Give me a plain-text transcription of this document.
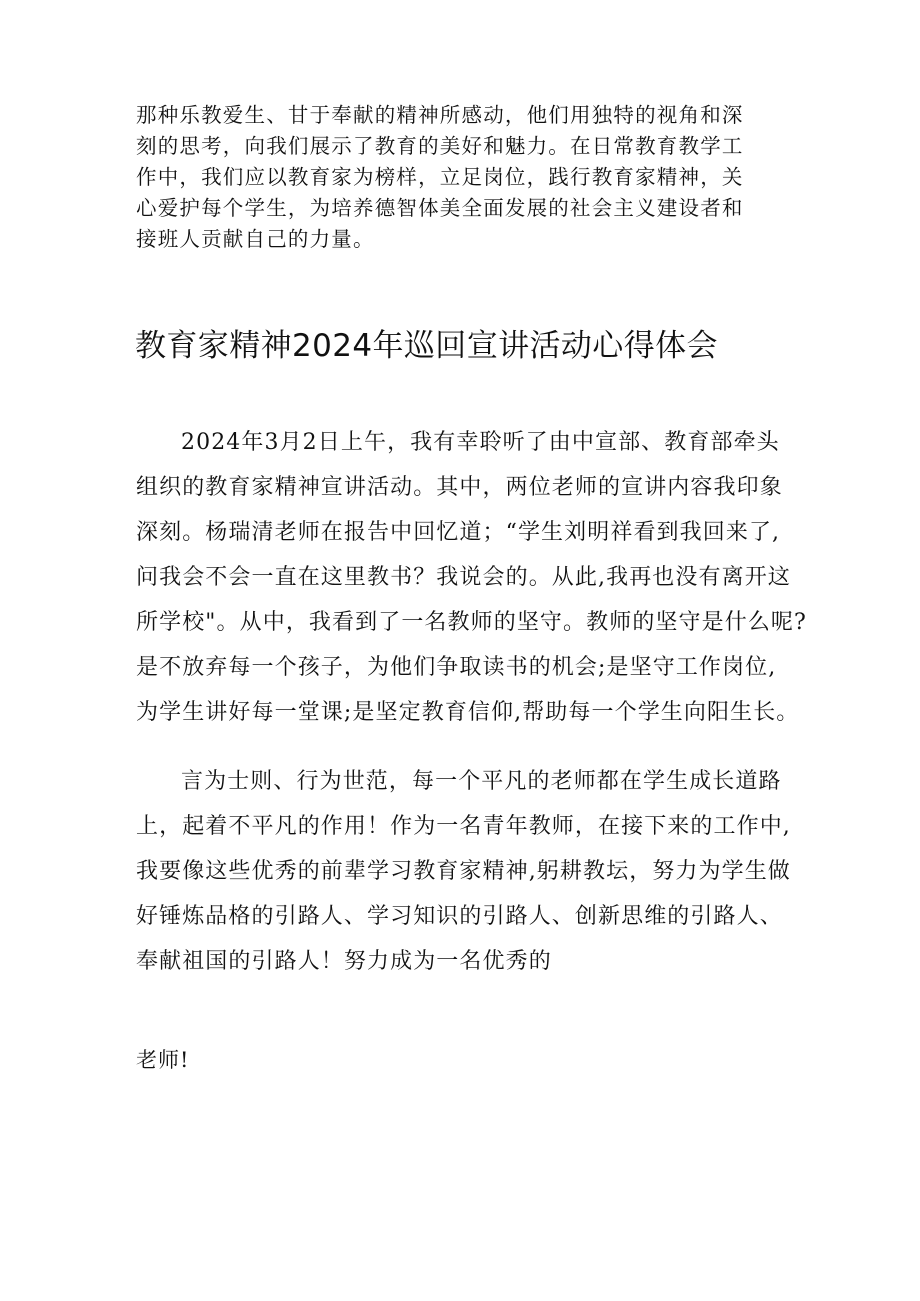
那种乐教爱生、甘于奉献的精神所感动，他们用独特的视角和深
刻的思考，向我们展示了教育的美好和魅力。在日常教育教学工
作中，我们应以教育家为榜样，立足岗位，践行教育家精神，关
心爱护每个学生，为培养德智体美全面发展的社会主义建设者和
接班人贡献自己的力量。
教育家精神2024年巡回宣讲活动心得体会
2024年3月2日上午，我有幸聆听了由中宣部、教育部牵头
组织的教育家精神宣讲活动。其中，两位老师的宣讲内容我印象
深刻。杨瑞清老师在报告中回忆道；“学生刘明祥看到我回来了,
问我会不会一直在这里教书？我说会的。从此,我再也没有离开这
所学校"。从中，我看到了一名教师的坚守。教师的坚守是什么呢?
是不放弃每一个孩子，为他们争取读书的机会;是坚守工作岗位,
为学生讲好每一堂课;是坚定教育信仰,帮助每一个学生向阳生长。
言为士则、行为世范，每一个平凡的老师都在学生成长道路
上，起着不平凡的作用！作为一名青年教师，在接下来的工作中,
我要像这些优秀的前辈学习教育家精神,躬耕教坛，努力为学生做
好锤炼品格的引路人、学习知识的引路人、创新思维的引路人、
奉献祖国的引路人！努力成为一名优秀的
老师!
